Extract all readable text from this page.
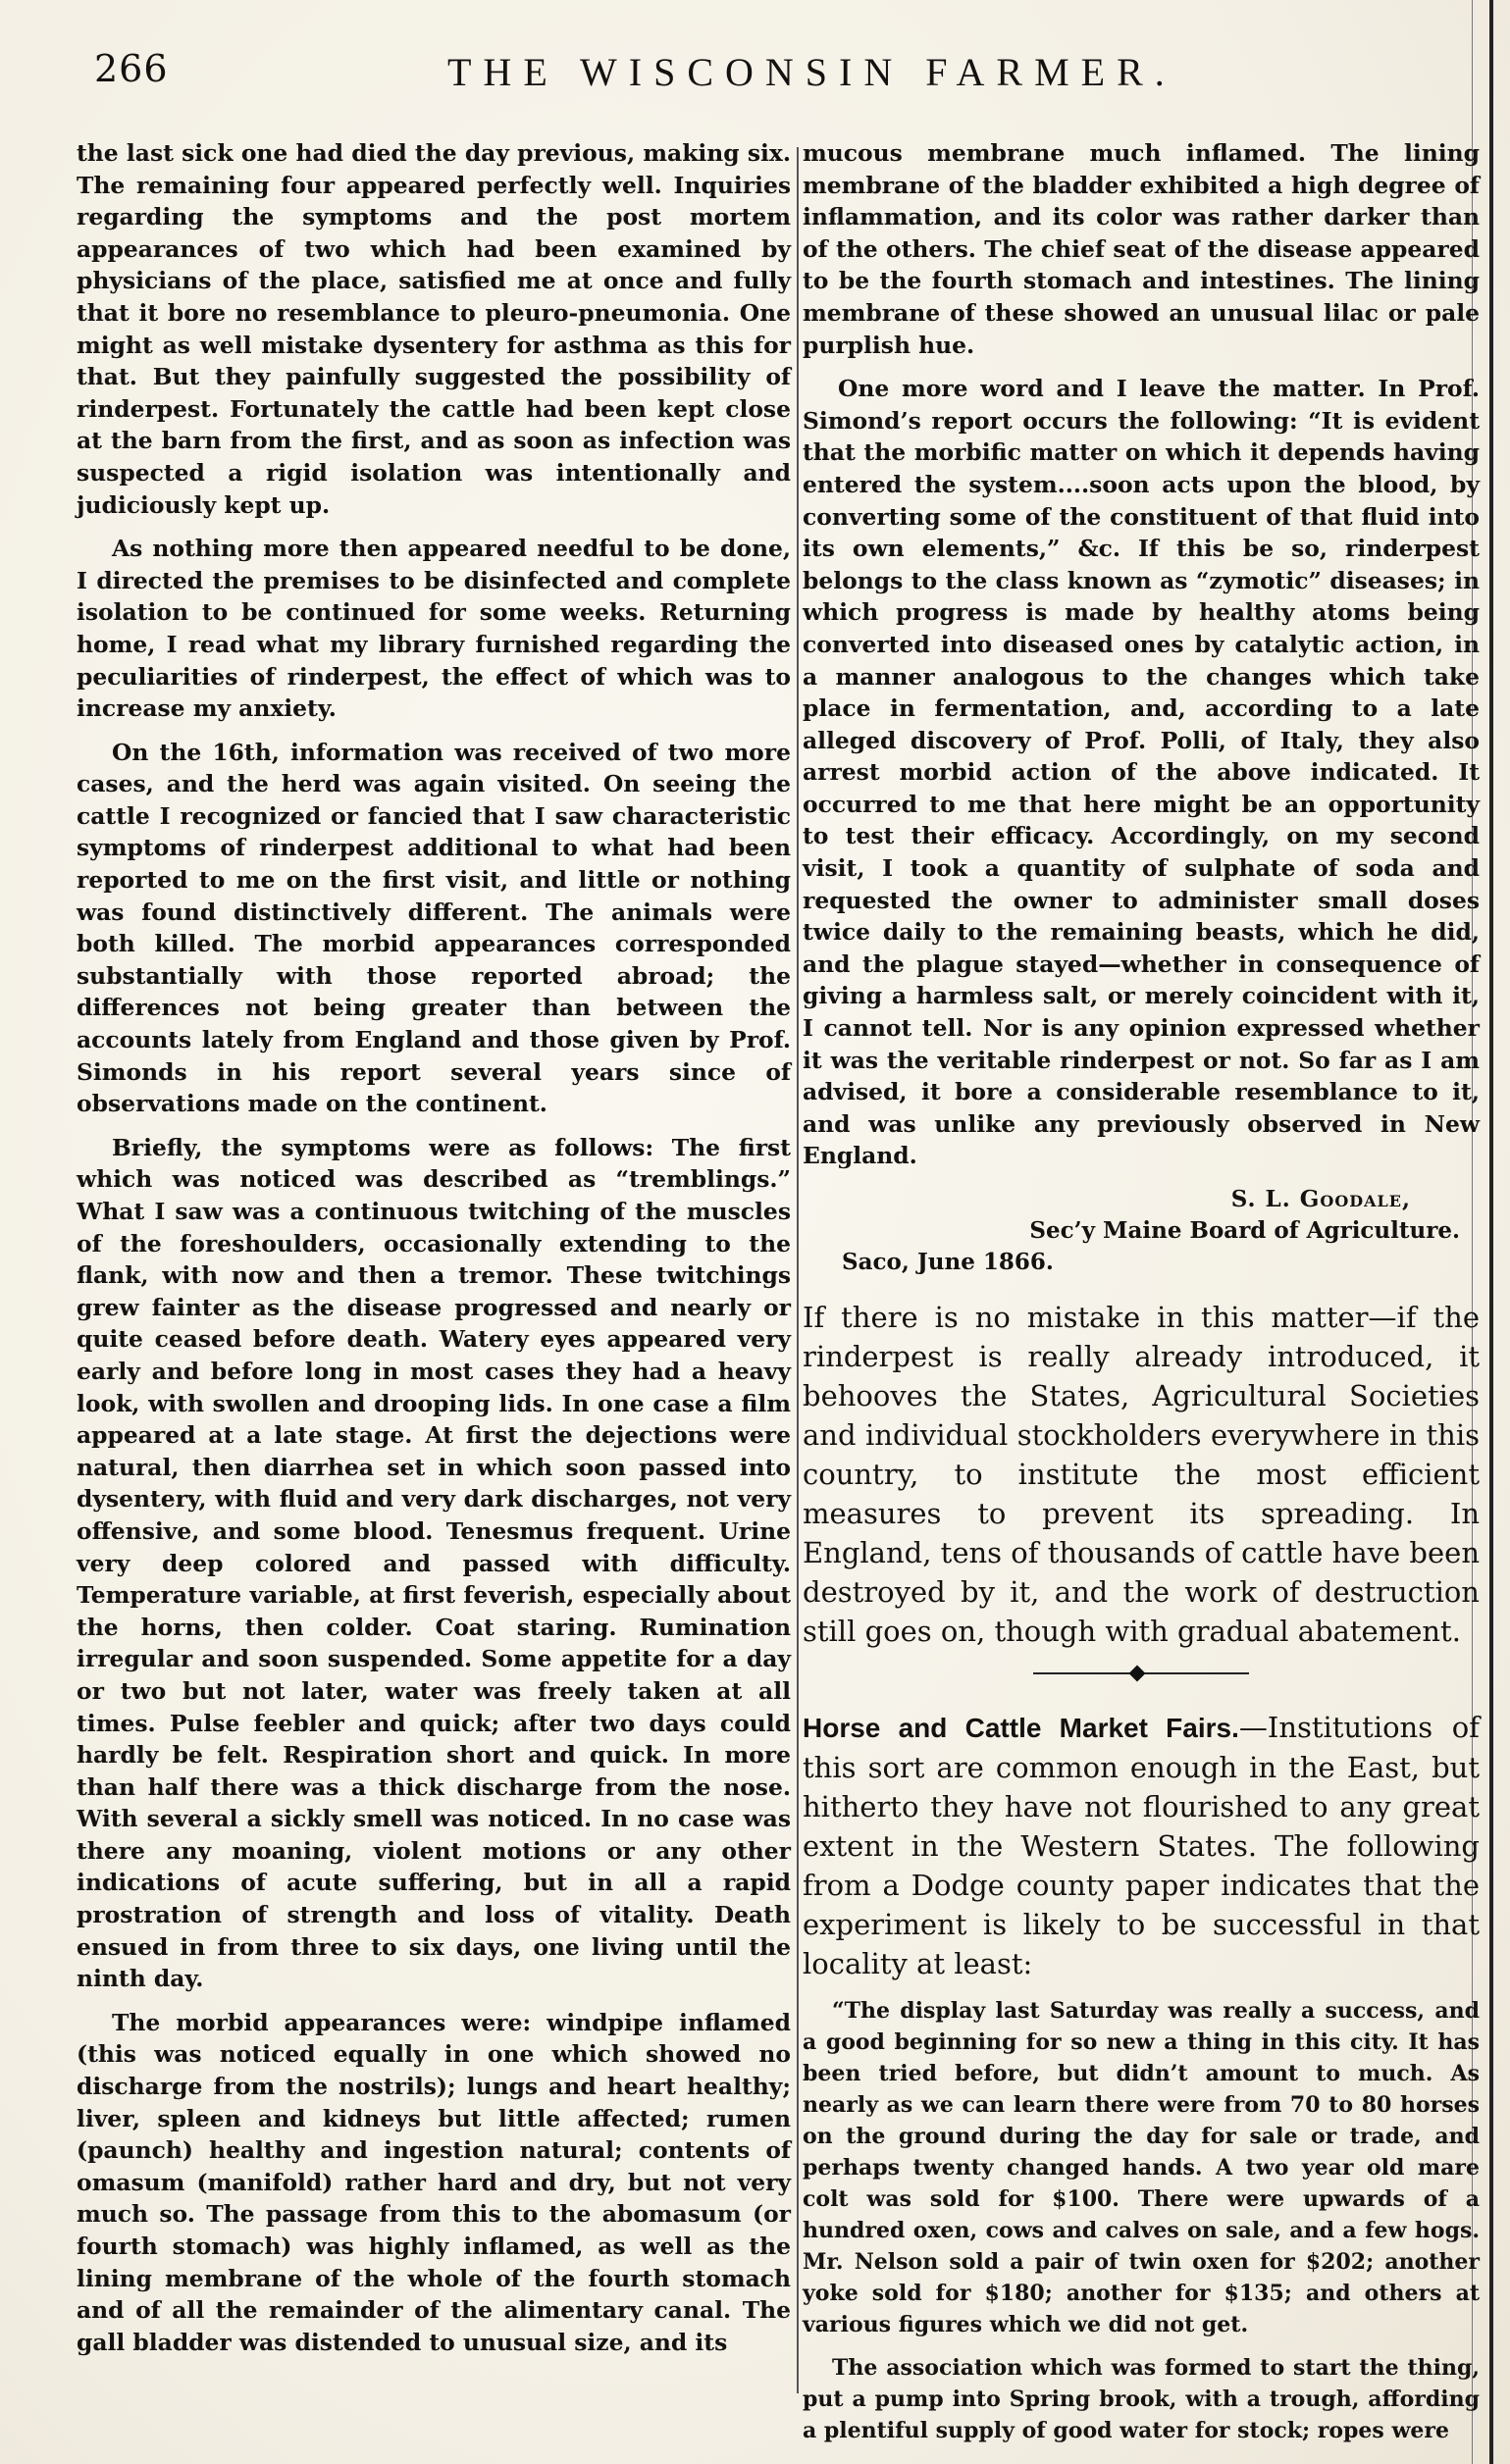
266	THE WISCONSIN FARMER.

the last sick one had died the day previous, making six. The remaining four appeared perfectly well. Inquiries regarding the symptoms and the post mortem appearances of two which had been examined by physicians of the place, satisfied me at once and fully that it bore no resemblance to pleuro-pneumonia. One might as well mistake dysentery for asthma as this for that. But they painfully suggested the possibility of rinderpest. Fortunately the cattle had been kept close at the barn from the first, and as soon as infection was suspected a rigid isolation was intentionally and judiciously kept up.

As nothing more then appeared needful to be done, I directed the premises to be disinfected and complete isolation to be continued for some weeks. Returning home, I read what my library furnished regarding the peculiarities of rinderpest, the effect of which was to increase my anxiety.

On the 16th, information was received of two more cases, and the herd was again visited. On seeing the cattle I recognized or fancied that I saw characteristic symptoms of rinderpest additional to what had been reported to me on the first visit, and little or nothing was found distinctively different. The animals were both killed. The morbid appearances corresponded substantially with those reported abroad; the differences not being greater than between the accounts lately from England and those given by Prof. Simonds in his report several years since of observations made on the continent.

Briefly, the symptoms were as follows: The first which was noticed was described as “tremblings.” What I saw was a continuous twitching of the muscles of the foreshoulders, occasionally extending to the flank, with now and then a tremor. These twitchings grew fainter as the disease progressed and nearly or quite ceased before death. Watery eyes appeared very early and before long in most cases they had a heavy look, with swollen and drooping lids. In one case a film appeared at a late stage. At first the dejections were natural, then diarrhea set in which soon passed into dysentery, with fluid and very dark discharges, not very offensive, and some blood. Tenesmus frequent. Urine very deep colored and passed with difficulty. Temperature variable, at first feverish, especially about the horns, then colder. Coat staring. Rumination irregular and soon suspended. Some appetite for a day or two but not later, water was freely taken at all times. Pulse feebler and quick; after two days could hardly be felt. Respiration short and quick. In more than half there was a thick discharge from the nose. With several a sickly smell was noticed. In no case was there any moaning, violent motions or any other indications of acute suffering, but in all a rapid prostration of strength and loss of vitality. Death ensued in from three to six days, one living until the ninth day.

The morbid appearances were: windpipe inflamed (this was noticed equally in one which showed no discharge from the nostrils); lungs and heart healthy; liver, spleen and kidneys but little affected; rumen (paunch) healthy and ingestion natural; contents of omasum (manifold) rather hard and dry, but not very much so. The passage from this to the abomasum (or fourth stomach) was highly inflamed, as well as the lining membrane of the whole of the fourth stomach and of all the remainder of the alimentary canal. The gall bladder was distended to unusual size, and its

mucous membrane much inflamed. The lining membrane of the bladder exhibited a high degree of inflammation, and its color was rather darker than of the others. The chief seat of the disease appeared to be the fourth stomach and intestines. The lining membrane of these showed an unusual lilac or pale purplish hue.

One more word and I leave the matter. In Prof. Simond’s report occurs the following: “It is evident that the morbific matter on which it depends having entered the system....soon acts upon the blood, by converting some of the constituent of that fluid into its own elements,” &c. If this be so, rinderpest belongs to the class known as “zymotic” diseases; in which progress is made by healthy atoms being converted into diseased ones by catalytic action, in a manner analogous to the changes which take place in fermentation, and, according to a late alleged discovery of Prof. Polli, of Italy, they also arrest morbid action of the above indicated. It occurred to me that here might be an opportunity to test their efficacy. Accordingly, on my second visit, I took a quantity of sulphate of soda and requested the owner to administer small doses twice daily to the remaining beasts, which he did, and the plague stayed—whether in consequence of giving a harmless salt, or merely coincident with it, I cannot tell. Nor is any opinion expressed whether it was the veritable rinderpest or not. So far as I am advised, it bore a considerable resemblance to it, and was unlike any previously observed in New England.

S. L. Goodale,

Sec’y Maine Board of Agriculture.

Saco, June 1866.

If there is no mistake in this matter—if the rinderpest is really already introduced, it behooves the States, Agricultural Societies and individual stockholders everywhere in this country, to institute the most efficient measures to prevent its spreading. In England, tens of thousands of cattle have been destroyed by it, and the work of destruction still goes on, though with gradual abatement.

Horse and Cattle Market Fairs.—Institutions of this sort are common enough in the East, but hitherto they have not flourished to any great extent in the Western States. The following from a Dodge county paper indicates that the experiment is likely to be successful in that locality at least:

“The display last Saturday was really a success, and a good beginning for so new a thing in this city. It has been tried before, but didn’t amount to much. As nearly as we can learn there were from 70 to 80 horses on the ground during the day for sale or trade, and perhaps twenty changed hands. A two year old mare colt was sold for $100. There were upwards of a hundred oxen, cows and calves on sale, and a few hogs. Mr. Nelson sold a pair of twin oxen for $202; another yoke sold for $180; another for $135; and others at various figures which we did not get.

The association which was formed to start the thing, put a pump into Spring brook, with a trough, affording a plentiful supply of good water for stock; ropes were
